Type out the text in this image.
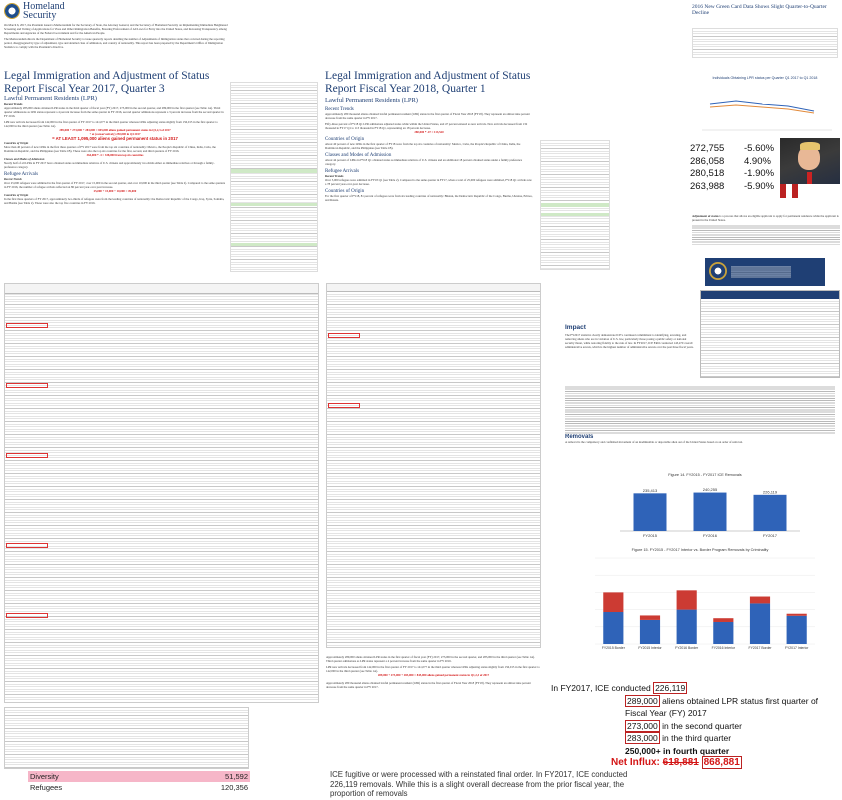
Homeland
Security
On March 6, 2017, the President issued a Memorandum for the Secretary of State, the Attorney General, and the Secretary of Homeland Security on Implementing Immediate Heightened Screening and Vetting of Applications for Visas and Other Immigration Benefits, Ensuring Enforcement of All Laws for Entry into the United States, and Increasing Transparency among Departments and Agencies of the Federal Government and for the American People.
The Memorandum directs the Department of Homeland Security to issue quarterly reports detailing the number of Adjustments of Immigration status that occurred during the reporting period, disaggregated by type of adjustment, type and detailed class of admission, and country of nationality. This report has been prepared by the Department's Office of Immigration Statistics to comply with the President's directive.
Legal Immigration and Adjustment of Status
Report Fiscal Year 2017, Quarter 3
Lawful Permanent Residents (LPR)
Recent Trends
Approximately 283,000 aliens obtained LPR status in the third quarter of fiscal year (FY) 2017, 273,000 in the second quarter, and 289,000 in the first quarter (see Table 1A). Third quarter admissions as LPR status represent a 4 percent increase from the same quarter in FY 2016, second quarter admissions represent a 3 percent decrease from the second quarter in FY 2016.
LPR new arrivals decreased from 142,000 in the first quarter of FY 2017 to 141,077 in the third quarter whereas LPRs adjusting status slightly from 156,015 in the first quarter to 142,000 in the third quarter (see Table 1A).
289,000 + 273,000 + 283,000 = 845,000 aliens gained permanent status in Q1,2,3 of 2017
+ at (conservatively) 250,000 in Q4 2017
= AT LEAST 1,095,000 aliens gained permanent status in 2017
Countries of Origin
More than 40 percent of new LPRs in the first three quarters of FY 2017 were from the top six countries of nationality: Mexico, the People's Republic of China, India, Cuba, the Dominican Republic, and the Philippines (see Table 1B). These were also the top six countries for the first, second, and third quarters of FY 2016.
364,000 * .4 = 338,000 from top six countries
Classes and Modes of Admission
Nearly half of all LPRs in FY 2017 have obtained status as immediate relatives of U.S. citizens and approximately two-thirds either as immediate relatives or through a family-preference category.
Refugee Arrivals
Recent Trends
Over 25,000 refugees were admitted in the first quarter of FY 2017, over 15,000 in the second quarter, and over 10,000 in the third quarter (see Table 2). Compared to the same quarters in FY 2016, the number of refugee arrivals reflected an 86 percent year-over-year increase.
25,000 + 15,000 + 10,000 = 49,000
Countries of Origin
In the first three quarters of FY 2017, approximately two-thirds of refugees were from the leading countries of nationality: the Democratic Republic of the Congo, Iraq, Syria, Somalia, and Burma (see Table 2). These were also the top five countries in FY 2016.
Diversity	51,592
Refugees	120,356
Legal Immigration and Adjustment of Status
Report Fiscal Year 2018, Quarter 1
Lawful Permanent Residents (LPR)
Recent Trends
Approximately 280 thousand aliens obtained lawful permanent resident (LPR) status in the first quarter of Fiscal Year 2018 (FY18). They represent an almost nine percent decrease from the same quarter in FY 2017.
Fifty-three percent of FY18 Q1 LPR admissions adjusted status while within the United States, and 47 percent entered as new arrivals. New arrivals decreased from 132 thousand in FY17 Q1 to 113 thousand in FY18 Q1, representing an 18 percent decrease.
280,000 * .47 = 113,520
Countries of Origin
About 40 percent of new LPRs in the first quarter of FY18 were from the top six countries of nationality: Mexico, Cuba, the People's Republic of China, India, the Dominican Republic, and the Philippines (see Table 1B).
Classes and Modes of Admission
About 44 percent of LPRs in FY18 Q1 obtained status as immediate relatives of U.S. citizens and an additional 18 percent obtained status under a family preference category.
Refugee Arrivals
Recent Trends
Over 5,000 refugees were admitted in FY18 Q1 (see Table 2). Compared to the same quarter in FY17, when a total of 25,000 refugees were admitted, FY18 Q1 arrivals saw a 78 percent year-over-year decrease.
Countries of Origin
For the first quarter of FY18, 81 percent of refugees were from six leading countries of nationality: Bhutan, the Democratic Republic of the Congo, Burma, Ukraine, Eritrea, and Russia.
Approximately 289,000 aliens obtained LPR status in the first quarter of fiscal year (FY) 2017, 273,000 in the second quarter, and 283,000 in the third quarter (see Table 1A). Third quarter admissions as LPR status represent a 4 percent increase from the same quarter in FY 2016.
LPR new arrivals decreased from 142,000 in the first quarter of FY 2017 to 141,077 in the third quarter whereas LPRs adjusting status slightly from 156,015 in the first quarter to 142,000 in the third quarter (see Table 1A).
289,000 + 273,000 + 283,000 = 845,000 aliens gained permanent status in Q1,2,3 of 2017
Approximately 280 thousand aliens obtained lawful permanent resident (LPR) status in the first quarter of Fiscal Year 2018 (FY18). They represent an almost nine percent decrease from the same quarter in FY 2017.
ICE fugitive or were processed with a reinstated final order. In FY2017, ICE conducted 226,119 removals. While this is a slight overall decrease from the prior fiscal year, the proportion of removals
2016 New Green Card Data Shows Slight Quarter-to-Quarter
Decline
Individuals Obtaining LPR status per Quarter Q1 2017 to Q1 2018
272,755	-5.60%
286,058	4.90%
280,518	-1.90%
263,988	-5.90%
Adjustment of status is a process that allows an eligible applicant to apply for permanent residence while the applicant is present in the United States.
Impact
The FY2017 statistics clearly demonstrate ICE's continued commitment to identifying, arresting, and removing aliens who are in violation of U.S. law, particularly those posing a public safety or national security threat, while restoring fidelity to the rule of law. In FY2017, ICE ERO conducted 143,470 overall administrative arrests, which is the highest number of administrative arrests over the past three fiscal years.
Removals
A removal is the compulsory and confirmed movement of an inadmissible or deportable alien out of the United States based on an order of removal.
Figure 14. FY2015 - FY2017 ICE Removals
235,413
FY2015
240,255
FY2016
226,119
FY2017
Figure 15. FY2015 - FY2017 Interior vs. Border Program Removals by Criminality
FY2015 Border	FY2015 Interior	FY2016 Border	FY2016 Interior	FY2017 Border	FY2017 Interior
In FY2017, ICE conducted 226,119
289,000 aliens obtained LPR status first quarter of Fiscal Year (FY) 2017
273,000 in the second quarter
283,000 in the third quarter
250,000+ in fourth quarter
Net Influx: 618,881 868,881
